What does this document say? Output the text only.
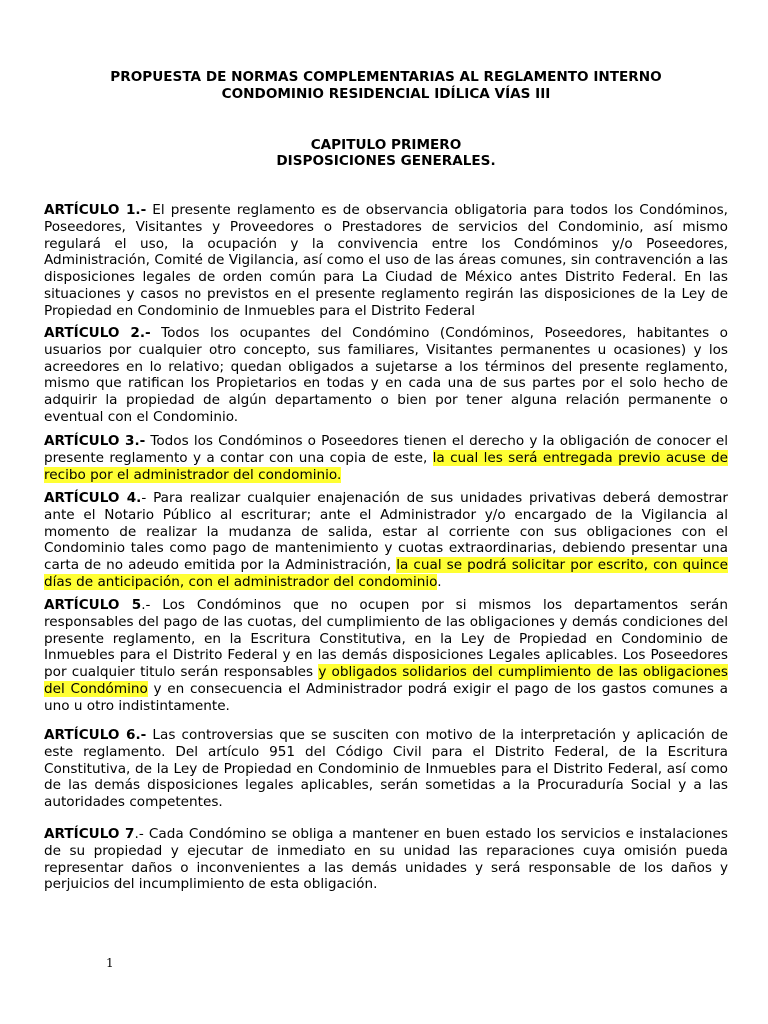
PROPUESTA DE NORMAS COMPLEMENTARIAS AL REGLAMENTO INTERNO
CONDOMINIO RESIDENCIAL IDÍLICA VÍAS III
CAPITULO PRIMERO
DISPOSICIONES GENERALES.

ARTÍCULO 1.- El presente reglamento es de observancia obligatoria para todos los Condóminos, Poseedores, Visitantes y Proveedores o Prestadores de servicios del Condominio, así mismo regulará el uso, la ocupación y la convivencia entre los Condóminos y/o Poseedores, Administración, Comité de Vigilancia, así como el uso de las áreas comunes, sin contravención a las disposiciones legales de orden común para La Ciudad de México antes Distrito Federal. En las situaciones y casos no previstos en el presente reglamento regirán las disposiciones de la Ley de Propiedad en Condominio de Inmuebles para el Distrito Federal

ARTÍCULO 2.- Todos los ocupantes del Condómino (Condóminos, Poseedores, habitantes o usuarios por cualquier otro concepto, sus familiares, Visitantes permanentes u ocasiones) y los acreedores en lo relativo; quedan obligados a sujetarse a los términos del presente reglamento, mismo que ratifican los Propietarios en todas y en cada una de sus partes por el solo hecho de adquirir la propiedad de algún departamento o bien por tener alguna relación permanente o eventual con el Condominio.

ARTÍCULO 3.- Todos los Condóminos o Poseedores tienen el derecho y la obligación de conocer el presente reglamento y a contar con una copia de este, la cual les será entregada previo acuse de recibo por el administrador del condominio.

ARTÍCULO 4.- Para realizar cualquier enajenación de sus unidades privativas deberá demostrar ante el Notario Público al escriturar; ante el Administrador y/o encargado de la Vigilancia al momento de realizar la mudanza de salida, estar al corriente con sus obligaciones con el Condominio tales como pago de mantenimiento y cuotas extraordinarias, debiendo presentar una carta de no adeudo emitida por la Administración, la cual se podrá solicitar por escrito, con quince días de anticipación, con el administrador del condominio.

ARTÍCULO 5.- Los Condóminos que no ocupen por si mismos los departamentos serán responsables del pago de las cuotas, del cumplimiento de las obligaciones y demás condiciones del presente reglamento, en la Escritura Constitutiva, en la Ley de Propiedad en Condominio de Inmuebles para el Distrito Federal y en las demás disposiciones Legales aplicables. Los Poseedores por cualquier titulo serán responsables y obligados solidarios del cumplimiento de las obligaciones del Condómino y en consecuencia el Administrador podrá exigir el pago de los gastos comunes a uno u otro indistintamente.

ARTÍCULO 6.- Las controversias que se susciten con motivo de la interpretación y aplicación de este reglamento. Del artículo 951 del Código Civil para el Distrito Federal, de la Escritura Constitutiva, de la Ley de Propiedad en Condominio de Inmuebles para el Distrito Federal, así como de las demás disposiciones legales aplicables, serán sometidas a la Procuraduría Social y a las autoridades competentes.

ARTÍCULO 7.- Cada Condómino se obliga a mantener en buen estado los servicios e instalaciones de su propiedad y ejecutar de inmediato en su unidad las reparaciones cuya omisión pueda representar daños o inconvenientes a las demás unidades y será responsable de los daños y perjuicios del incumplimiento de esta obligación.

1
